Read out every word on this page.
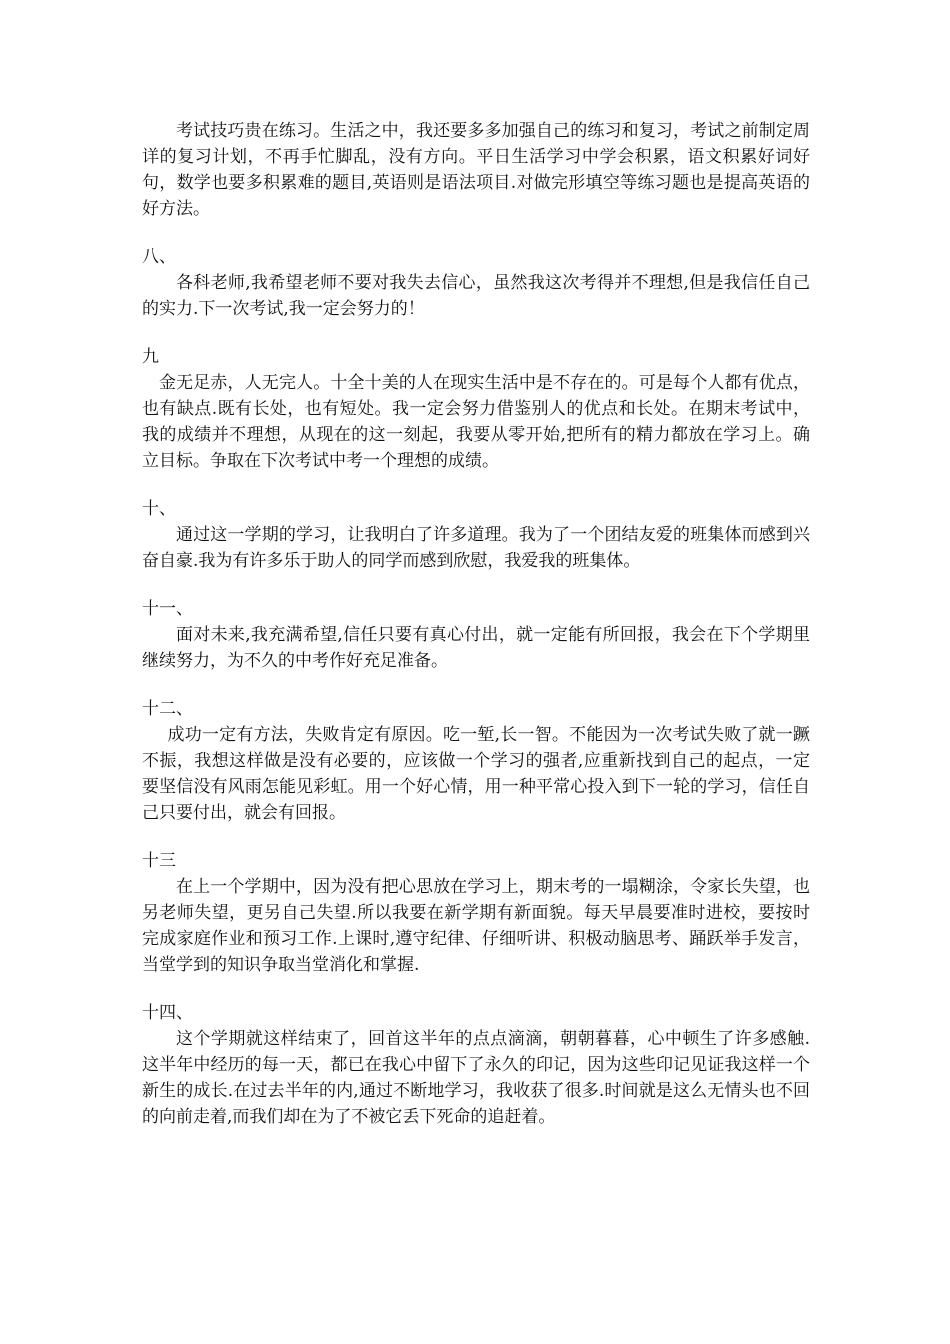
考试技巧贵在练习。生活之中，我还要多多加强自己的练习和复习，考试之前制定周详的复习计划，不再手忙脚乱，没有方向。平日生活学习中学会积累，语文积累好词好句，数学也要多积累难的题目,英语则是语法项目.对做完形填空等练习题也是提高英语的好方法。

八、

各科老师,我希望老师不要对我失去信心，虽然我这次考得并不理想,但是我信任自己的实力.下一次考试,我一定会努力的！

九

金无足赤，人无完人。十全十美的人在现实生活中是不存在的。可是每个人都有优点，也有缺点.既有长处，也有短处。我一定会努力借鉴别人的优点和长处。在期末考试中，我的成绩并不理想，从现在的这一刻起，我要从零开始,把所有的精力都放在学习上。确立目标。争取在下次考试中考一个理想的成绩。

十、

通过这一学期的学习，让我明白了许多道理。我为了一个团结友爱的班集体而感到兴奋自豪.我为有许多乐于助人的同学而感到欣慰，我爱我的班集体。

十一、

面对未来,我充满希望,信任只要有真心付出，就一定能有所回报，我会在下个学期里继续努力，为不久的中考作好充足准备。

十二、

成功一定有方法，失败肯定有原因。吃一堑,长一智。不能因为一次考试失败了就一蹶不振，我想这样做是没有必要的，应该做一个学习的强者,应重新找到自己的起点，一定要坚信没有风雨怎能见彩虹。用一个好心情，用一种平常心投入到下一轮的学习，信任自己只要付出，就会有回报。

十三

在上一个学期中，因为没有把心思放在学习上，期末考的一塌糊涂，令家长失望，也另老师失望，更另自己失望.所以我要在新学期有新面貌。每天早晨要准时进校，要按时完成家庭作业和预习工作.上课时,遵守纪律、仔细听讲、积极动脑思考、踊跃举手发言，当堂学到的知识争取当堂消化和掌握.

十四、

这个学期就这样结束了，回首这半年的点点滴滴，朝朝暮暮，心中顿生了许多感触.这半年中经历的每一天，都已在我心中留下了永久的印记，因为这些印记见证我这样一个新生的成长.在过去半年的内,通过不断地学习，我收获了很多.时间就是这么无情头也不回的向前走着,而我们却在为了不被它丢下死命的追赶着。
